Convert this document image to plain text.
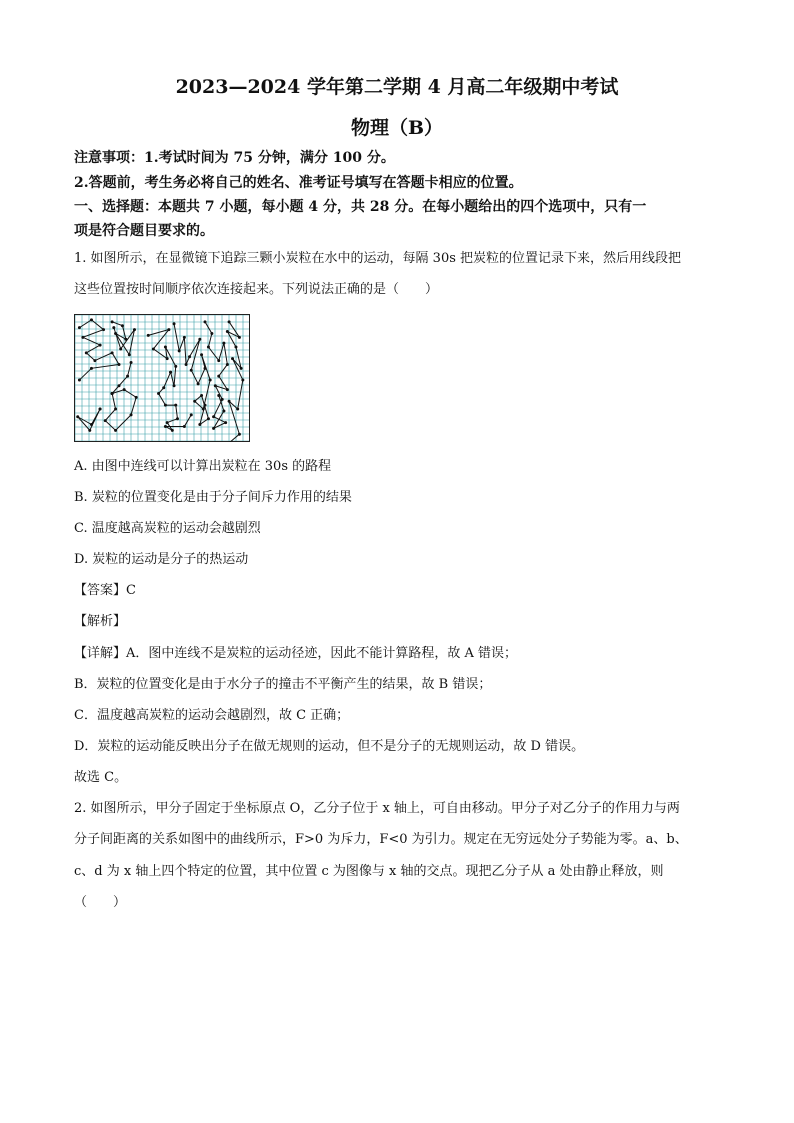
2023—2024 学年第二学期 4 月高二年级期中考试
物理（B）
注意事项：1.考试时间为 75 分钟，满分 100 分。
2.答题前，考生务必将自己的姓名、准考证号填写在答题卡相应的位置。
一、选择题：本题共 7 小题，每小题 4 分，共 28 分。在每小题给出的四个选项中，只有一
项是符合题目要求的。
1. 如图所示，在显微镜下追踪三颗小炭粒在水中的运动，每隔 30s 把炭粒的位置记录下来，然后用线段把
这些位置按时间顺序依次连接起来。下列说法正确的是（　　）
A. 由图中连线可以计算出炭粒在 30s 的路程
B. 炭粒的位置变化是由于分子间斥力作用的结果
C. 温度越高炭粒的运动会越剧烈
D. 炭粒的运动是分子的热运动
【答案】C
【解析】
【详解】A．图中连线不是炭粒的运动径迹，因此不能计算路程，故 A 错误；
B．炭粒的位置变化是由于水分子的撞击不平衡产生的结果，故 B 错误；
C．温度越高炭粒的运动会越剧烈，故 C 正确；
D．炭粒的运动能反映出分子在做无规则的运动，但不是分子的无规则运动，故 D 错误。
故选 C。
2. 如图所示，甲分子固定于坐标原点 O，乙分子位于 x 轴上，可自由移动。甲分子对乙分子的作用力与两
分子间距离的关系如图中的曲线所示，F>0 为斥力，F<0 为引力。规定在无穷远处分子势能为零。a、b、
c、d 为 x 轴上四个特定的位置，其中位置 c 为图像与 x 轴的交点。现把乙分子从 a 处由静止释放，则
（　　）
